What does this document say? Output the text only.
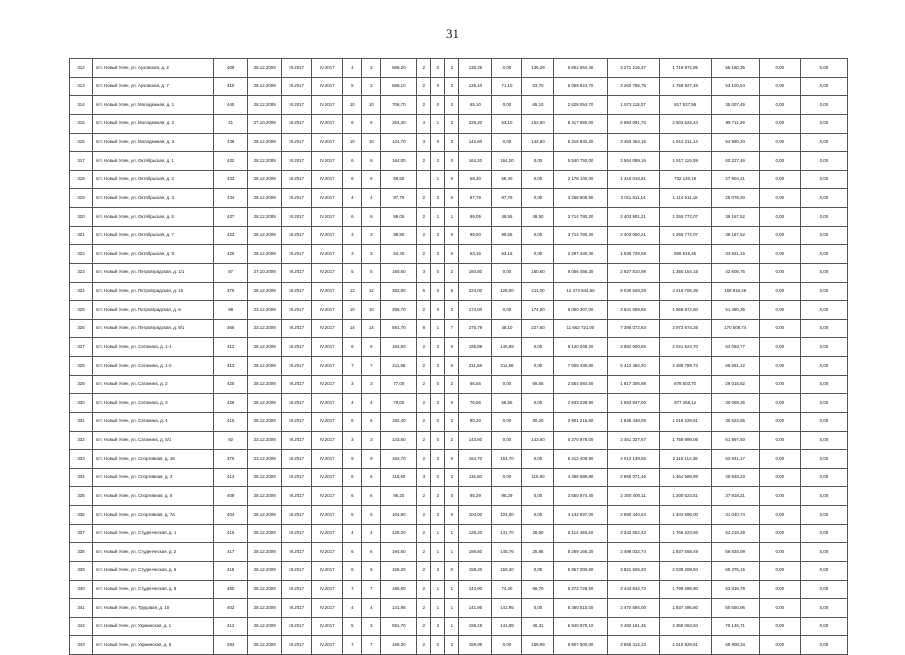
31
312	пгт. Новый Уоян, ул. Ауховская, д. 2	409	28.12.2009	III.2017	IV.2017	4	3	658,20	2	0	2	135,29	0,00	135,29	5 802 854,40	3 271 216,37	1 719 972,95	55 160,35	0,00	0,00
313	пгт. Новый Уоян, ул. Ауховская, д. 7	410	28.12.2009	III.2017	IV.2017	5	2	658,10	2	0	2	135,10	71,10	63,70	5 069 824,70	3 260 766,75	1 758 927,45	53 100,54	0,00	0,00
314	пгт. Новый Уоян, ул. Молодежная, д. 1	440	28.12.2009	III.2017	IV.2017	10	10	706,70	2	0	2	65,10	0,00	65,10	2 628 054,70	1 573 118,07	817 537,58	35 007,45	0,00	0,00
315	пгт. Новый Уоян, ул. Молодежная, д. 2	41	27.10.2009	III.2017	IV.2017	6	6	254,40	4	1	2	225,20	63,10	162,60	8 417 950,00	5 694 091,76	2 603 622,44	89 711,29	0,00	0,00
316	пгт. Новый Уоян, ул. Молодежная, д. 3	439	28.12.2009	III.2017	IV.2017	10	10	124,70	3	0	3	142,60	0,00	142,60	5 316 932,20	3 453 364,15	1 812 211,14	54 990,34	0,00	0,00
317	пгт. Новый Уоян, ул. Октябрьская, д. 1	432	28.12.2009	III.2017	IV.2017	6	6	164,00	2	2	0	164,20	164,20	0,00	5 540 750,00	3 564 089,16	1 917 119,09	60 227,46	0,00	0,00
318	пгт. Новый Уоян, ул. Октябрьская, д. 2	433	28.12.2009	III.2017	IV.2017	6	6	59,60		1	0	58,40	58,40	0,00	2 178 140,00	1 415 018,51	732 140,19	27 904,21	0,00	0,00
319	пгт. Новый Уоян, ул. Октябрьская, д. 3	434	28.12.2009	III.2017	IV.2017	4	4	87,79	2	2	0	87,79	87,79	0,00	3 258 906,50	2 011 511,14	1 114 511,15	25 078,20	0,00	0,00
320	пгт. Новый Уоян, ул. Октябрьская, д. 5	437	28.12.2009	III.2017	IV.2017	6	6	99,05	2	1	1	99,05	49,55	49,50	3 714 780,20	2 403 901,21	1 255 772,07	39 167,52	0,00	0,00
321	пгт. Новый Уоян, ул. Октябрьская, д. 7	423	28.12.2009	III.2017	IV.2017	3	3	99,90	2	2	0	99,50	99,65	0,00	3 714 780,20	2 403 050,21	1 255 772,07	39 167,52	0,00	0,00
322	пгт. Новый Уоян, ул. Октябрьская, д. 8	425	28.12.2009	III.2017	IV.2017	3	3	64,40	2	2	0	63,16	63,16	0,00	2 297 440,30	1 536 728,09	806 916,45	34 831,15	0,00	0,00
323	пгт. Новый Уоян, ул. Петровградская, д. 1/1	87	27.10.2009	III.2017	IV.2017	5	5	160,60	3	0	2	160,60	0,00	160,60	6 056 456,30	2 627 810,09	1 350 154,15	42 605,76	0,00	0,00
324	пгт. Новый Уоян, ул. Петровградская, д. 10	375	28.12.2009	III.2017	IV.2017	12	12	352,00	6	0	6	224,00	128,00	211,00	12 473 844,60	9 020 628,29	4 216 705,35	168 816,46	0,00	0,00
325	пгт. Новый Уоян, ул. Петровградская, д. 8	98	23.12.2009	III.2017	IV.2017	10	10	296,70	2	0	2	174,00	0,00	174,00	6 000 307,00	3 841 099,66	1 868 872,60	51 480,36	0,00	0,00
326	пгт. Новый Уоян, ул. Петровградская, д. 9/1	366	23.12.2009	III.2017	IV.2017	14	14	591,70	8	1	7	275,79	48,10	227,60	11 662 721,00	7 396 072,83	3 973 974,26	170 508,74	0,00	0,00
327	пгт. Новый Уоян, ул. Сатанина, д. 1-1	412	28.12.2009	III.2017	IV.2017	6	6	194,60	2	2	0	195,89	145,89	0,00	6 120 048,20	3 882 600,65	2 041 524,70	63 093,77	0,00	0,00
328	пгт. Новый Уоян, ул. Сатанина, д. 1-2	413	28.12.2009	III.2017	IV.2017	7	7	211,58	2	2	0	211,58	211,58	0,00	7 009 436,80	5 412 482,20	2 488 789,73	65 651,12	0,00	0,00
329	пгт. Новый Уоян, ул. Сатанина, д. 2	425	28.12.2009	III.2017	IV.2017	3	3	77,00	2	0	2	66,56	0,00	66,56	2 554 084,50	1 817 305,98	878 503,70	29 015,82	0,00	0,00
330	пгт. Новый Уоян, ул. Сатанина, д. 3	426	28.12.2009	III.2017	IV.2017	4	4	79,00	2	2	0	76,56	56,56	0,00	2 833 238,90	1 853 947,00	977 268,12	30 068,35	0,00	0,00
331	пгт. Новый Уоян, ул. Сатанина, д. 4	415	28.12.2009	III.2017	IV.2017	6	6	192,40	2	0	2	80,20	0,00	80,20	2 901 216,60	1 845 438,09	1 019 228,61	35 522,65	0,00	0,00
332	пгт. Новый Уоян, ул. Сатанина, д. 5/1	92	23.12.2009	III.2017	IV.2017	3	3	143,60	2	0	2	143,60	0,00	143,60	5 270 978,00	3 451 327,67	1 758 999,06	61 997,50	0,00	0,00
333	пгт. Новый Уоян, ул. Спортивная, д. 19	375	23.12.2009	III.2017	IV.2017	9	9	162,70	2	2	0	164,70	164,70	0,00	6 212 409,90	4 013 139,56	2 118 112,38	63 941,17	0,00	0,00
334	пгт. Новый Уоян, ул. Спортивная, д. 3	414	28.12.2009	III.2017	IV.2017	6	6	115,60	3	0	2	115,60	0,00	115,60	4 356 589,80	2 856 071,46	1 464 569,99	45 948,23	0,00	0,00
335	пгт. Новый Уоян, ул. Спортивная, д. 5	409	28.12.2009	III.2017	IV.2017	6	6	95,20	2	2	0	95,29	95,29	0,00	3 550 674,40	2 300 400,11	1 200 523,51	37 918,21	0,00	0,00
336	пгт. Новый Уоян, ул. Спортивная, д. 7a	404	28.12.2009	III.2017	IV.2017	5	5	104,80	2	2	0	104,00	104,00	0,00	4 132 937,00	2 690 440,64	1 403 698,00	31 040,74	0,00	0,00
337	пгт. Новый Уоян, ул. Студенческая, д. 1	416	28.12.2009	III.2017	IV.2017	4	4	128,20	2	1	1	128,20	141,70	28,50	5 114 465,40	3 343 052,43	1 766 523,66	54 219,29	0,00	0,00
338	пгт. Новый Уоян, ул. Студенческая, д. 2	417	28.12.2009	III.2017	IV.2017	6	6	194,60	2	1	1	195,60	145,76	25,88	5 269 166,20	3 498 032,74	1 837 658,49	56 834,09	0,00	0,00
339	пгт. Новый Уоян, ул. Студенческая, д. 6	418	28.12.2009	III.2017	IV.2017	6	6	159,20	2	2	0	159,20	159,20	0,00	5 957 000,60	3 821 926,20	2 038 208,94	65 375,15	0,00	0,00
340	пгт. Новый Уоян, ул. Студенческая, д. 9	450	28.12.2009	III.2017	IV.2017	7	7	185,60	2	1	1	143,90	74,40	66,70	5 272 728,50	3 443 842,73	1 799 286,90	53 816,78	0,00	0,00
341	пгт. Новый Уоян, ул. Трудовая, д. 10	402	28.12.2009	III.2017	IV.2017	4	4	141,95	2	1	1	141,95	141,95	0,00	5 360 510,00	3 470 566,00	1 837 495,60	50 550,96	0,00	0,00
342	пгт. Новый Уоян, ул. Украинская, д. 1	412	28.12.2009	III.2017	IV.2017	5	3	591,70	2	2	1	196,19	141,89	46,31	6 940 970,10	4 492 161,45	2 369 063,94	75 146,71	0,00	0,00
343	пгт. Новый Уоян, ул. Украинская, д. 5	294	28.12.2009	III.2017	IV.2017	7	7	159,30	2	0	2	159,99	0,00	159,99	5 907 500,00	3 855 412,13	2 010 828,61	65 908,34	0,00	0,00
